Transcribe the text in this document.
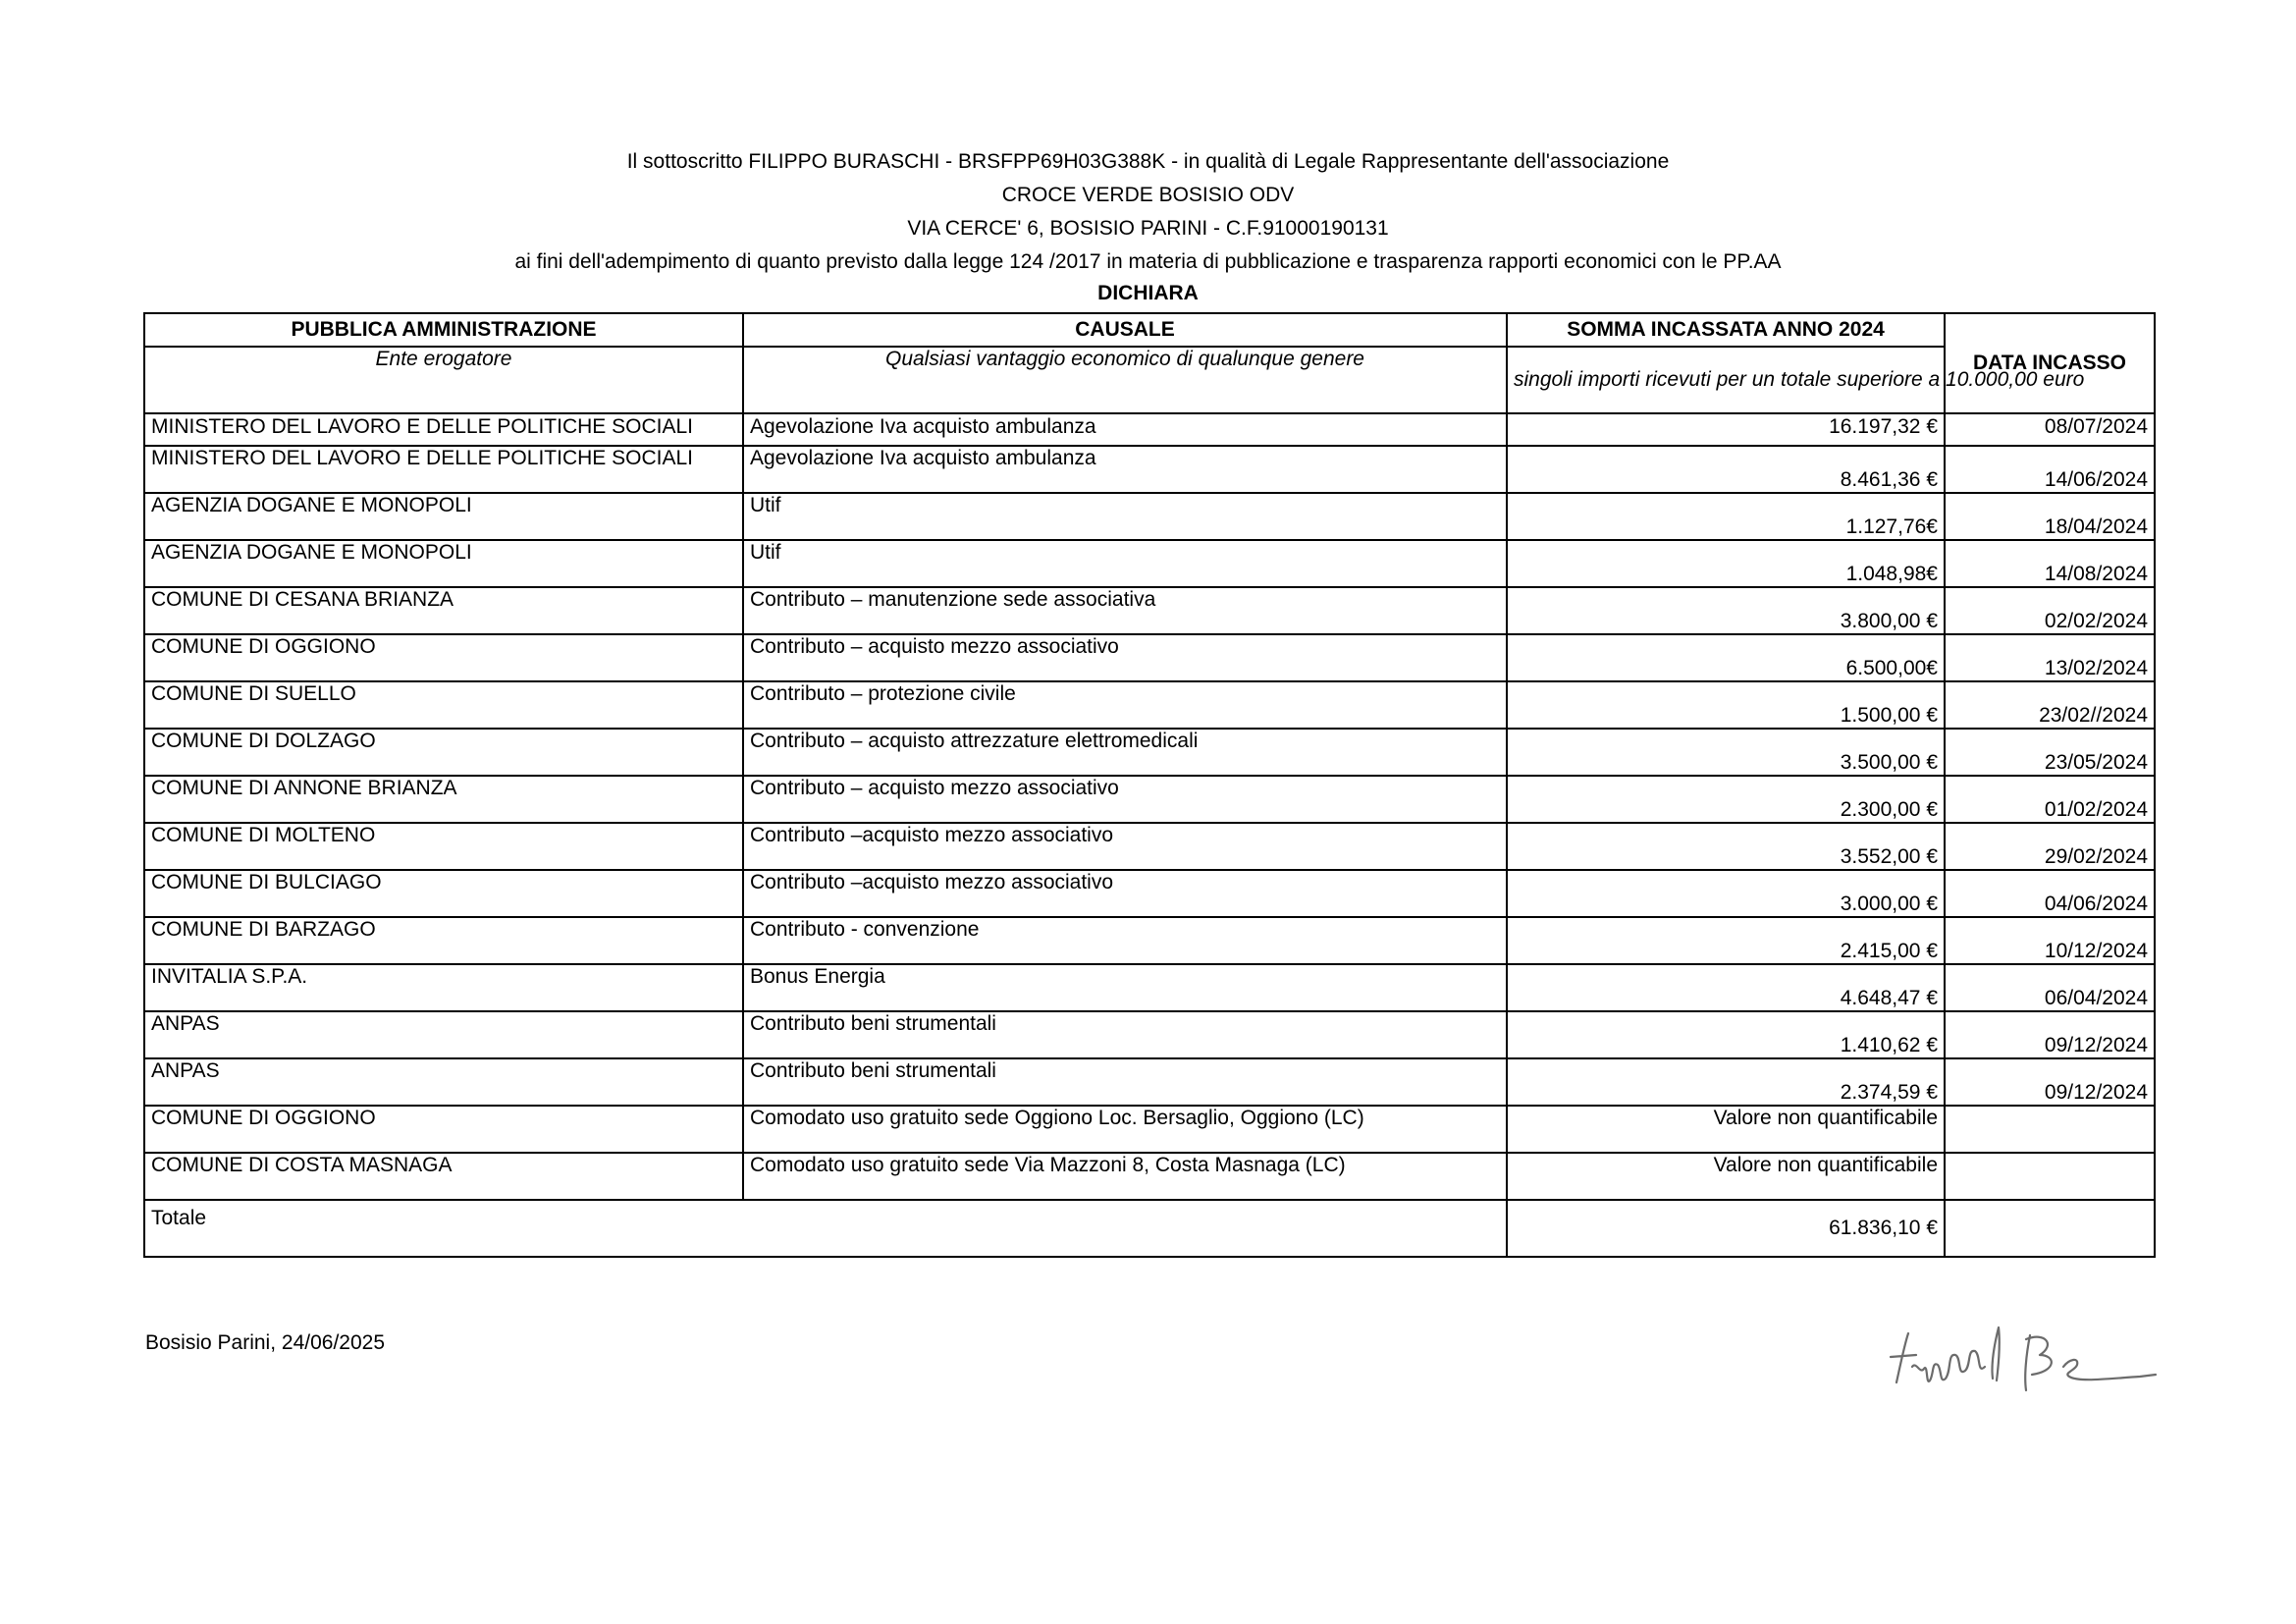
Il sottoscritto FILIPPO BURASCHI - BRSFPP69H03G388K - in qualità di Legale Rappresentante dell'associazione
CROCE VERDE BOSISIO ODV
VIA CERCE' 6, BOSISIO PARINI - C.F.91000190131
ai fini dell'adempimento di quanto previsto dalla legge 124 /2017 in materia di pubblicazione e trasparenza rapporti economici con le PP.AA
DICHIARA
PUBBLICA AMMINISTRAZIONE	CAUSALE	SOMMA INCASSATA ANNO 2024	DATA INCASSO
Ente erogatore	Qualsiasi vantaggio economico di qualunque genere	singoli importi ricevuti per un totale superiore a 10.000,00 euro	
MINISTERO DEL LAVORO E DELLE POLITICHE SOCIALI	Agevolazione Iva acquisto ambulanza	16.197,32 €	08/07/2024
MINISTERO DEL LAVORO E DELLE POLITICHE SOCIALI	Agevolazione Iva acquisto ambulanza	8.461,36 €	14/06/2024
AGENZIA DOGANE E MONOPOLI	Utif	1.127,76€	18/04/2024
AGENZIA DOGANE E MONOPOLI	Utif	1.048,98€	14/08/2024
COMUNE DI CESANA BRIANZA	Contributo – manutenzione sede associativa	3.800,00 €	02/02/2024
COMUNE DI OGGIONO	Contributo – acquisto mezzo associativo	6.500,00€	13/02/2024
COMUNE DI SUELLO	Contributo – protezione civile	1.500,00 €	23/02//2024
COMUNE DI DOLZAGO	Contributo – acquisto attrezzature elettromedicali	3.500,00 €	23/05/2024
COMUNE DI ANNONE BRIANZA	Contributo – acquisto mezzo associativo	2.300,00 €	01/02/2024
COMUNE DI MOLTENO	Contributo –acquisto mezzo associativo	3.552,00 €	29/02/2024
COMUNE DI BULCIAGO	Contributo –acquisto mezzo associativo	3.000,00 €	04/06/2024
COMUNE DI BARZAGO	Contributo - convenzione	2.415,00 €	10/12/2024
INVITALIA S.P.A.	Bonus Energia	4.648,47 €	06/04/2024
ANPAS	Contributo beni strumentali	1.410,62 €	09/12/2024
ANPAS	Contributo beni strumentali	2.374,59 €	09/12/2024
COMUNE DI OGGIONO	Comodato uso gratuito sede Oggiono Loc. Bersaglio, Oggiono (LC)	Valore non quantificabile	
COMUNE DI COSTA MASNAGA	Comodato uso gratuito sede Via Mazzoni 8, Costa Masnaga (LC)	Valore non quantificabile	
Totale		61.836,10 €	
Bosisio Parini, 24/06/2025
